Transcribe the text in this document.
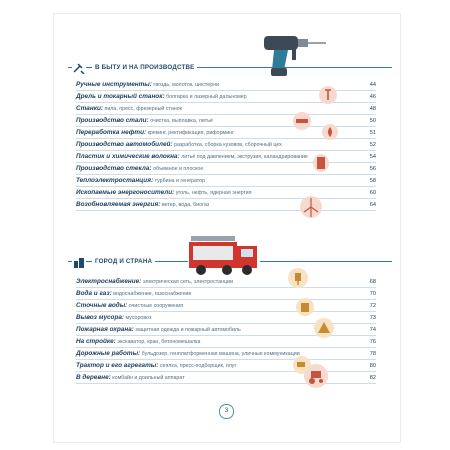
В БЫТУ И НА ПРОИЗВОДСТВЕ
Ручные инструменты: гвоздь, молоток, шестерни	44
Дрель и токарный станок: болгарка и лазерный дальномер	46
Станки: пила, пресс, фрезерный станок	48
Производство стали: очистка, выплавка, литьё	50
Переработка нефти: крекинг, ректификация, риформинг	51
Производство автомобилей: разработка, сборка кузовов, сборочный цех	52
Пластик и химические волокна: литьё под давлением, экструзия, каландрирование	54
Производство стекла: объемное и плоское	56
Теплоэлектростанция: турбина и генератор	58
Ископаемые энергоносители: уголь, нефть, ядерная энергия	60
Возобновляемая энергия: ветер, вода, биогаз	64
ГОРОД И СТРАНА
Электроснабжение: электрическая сеть, электростанции	68
Вода и газ: водоснабжение, газоснабжение	70
Сточные воды: очистные сооружения	72
Вывоз мусора: мусоровоз	73
Пожарная охрана: защитная одежда и пожарный автомобиль	74
На стройке: экскаватор, кран, бетономешалка	76
Дорожные работы: бульдозер, генплатформенная машина, уличные коммуникации	78
Трактор и его агрегаты: сеялка, пресс-подборщик, плуг	80
В деревне: комбайн и доильный аппарат	82
3
